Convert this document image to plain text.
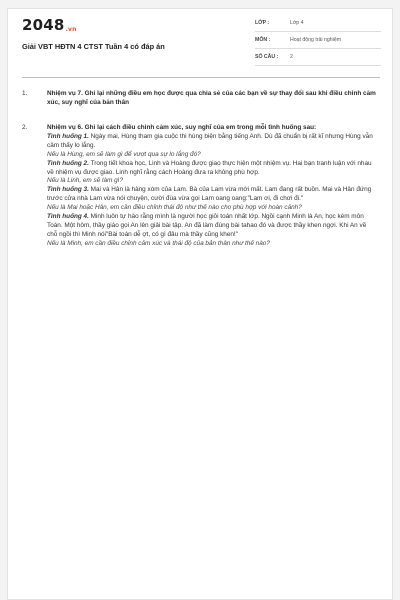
2048.vn
Giải VBT HĐTN 4 CTST Tuần 4 có đáp án
LỚP :	Lớp 4
MÔN :	Hoạt động trải nghiệm
SỐ CÂU : 2
1.	Nhiệm vụ 7. Ghi lại những điều em học được qua chia sẻ của các bạn về sự thay đổi sau khi điều chỉnh cảm xúc, suy nghĩ của bản thân
2.	Nhiệm vụ 6. Ghi lại cách điều chỉnh cảm xúc, suy nghĩ của em trong mỗi tình huống sau:

Tình huống 1. Ngày mai, Hùng tham gia cuộc thi hùng biện bằng tiếng Anh. Dù đã chuẩn bị rất kĩ nhưng Hùng vẫn cảm thấy lo lắng.

Nếu là Hùng, em sẽ làm gì để vượt qua sự lo lắng đó?

Tình huống 2. Trong tiết khoa học, Linh và Hoàng được giao thực hiện một nhiệm vụ. Hai bạn tranh luận với nhau về nhiệm vụ được giao. Linh nghĩ rằng cách Hoàng đưa ra không phù hợp.

Nếu là Linh, em sẽ làm gì?

Tình huống 3. Mai và Hân là hàng xóm của Lam. Bà của Lam vừa mới mất. Lam đang rất buồn. Mai và Hân đứng trước cửa nhà Lam vừa nói chuyện, cười đùa vừa gọi Lam oang oang:"Lam ơi, đi chơi đi."

Nếu là Mai hoặc Hân, em cần điều chỉnh thái độ như thế nào cho phù hợp với hoàn cảnh?

Tình huống 4. Minh luôn tự hào rằng mình là người học giỏi toán nhất lớp. Ngồi cạnh Minh là An, học kém môn Toán. Một hôm, thầy giáo gọi An lên giải bài tập. An đã làm đúng bài tahao đó và được thầy khen ngợi. Khi An về chỗ ngồi thì Minh nói"Bài toán dễ ợt, có gì đâu mà thầy cũng khen!"

Nếu là Minh, em cần điều chỉnh cảm xúc và thái độ của bản thân như thế nào?
